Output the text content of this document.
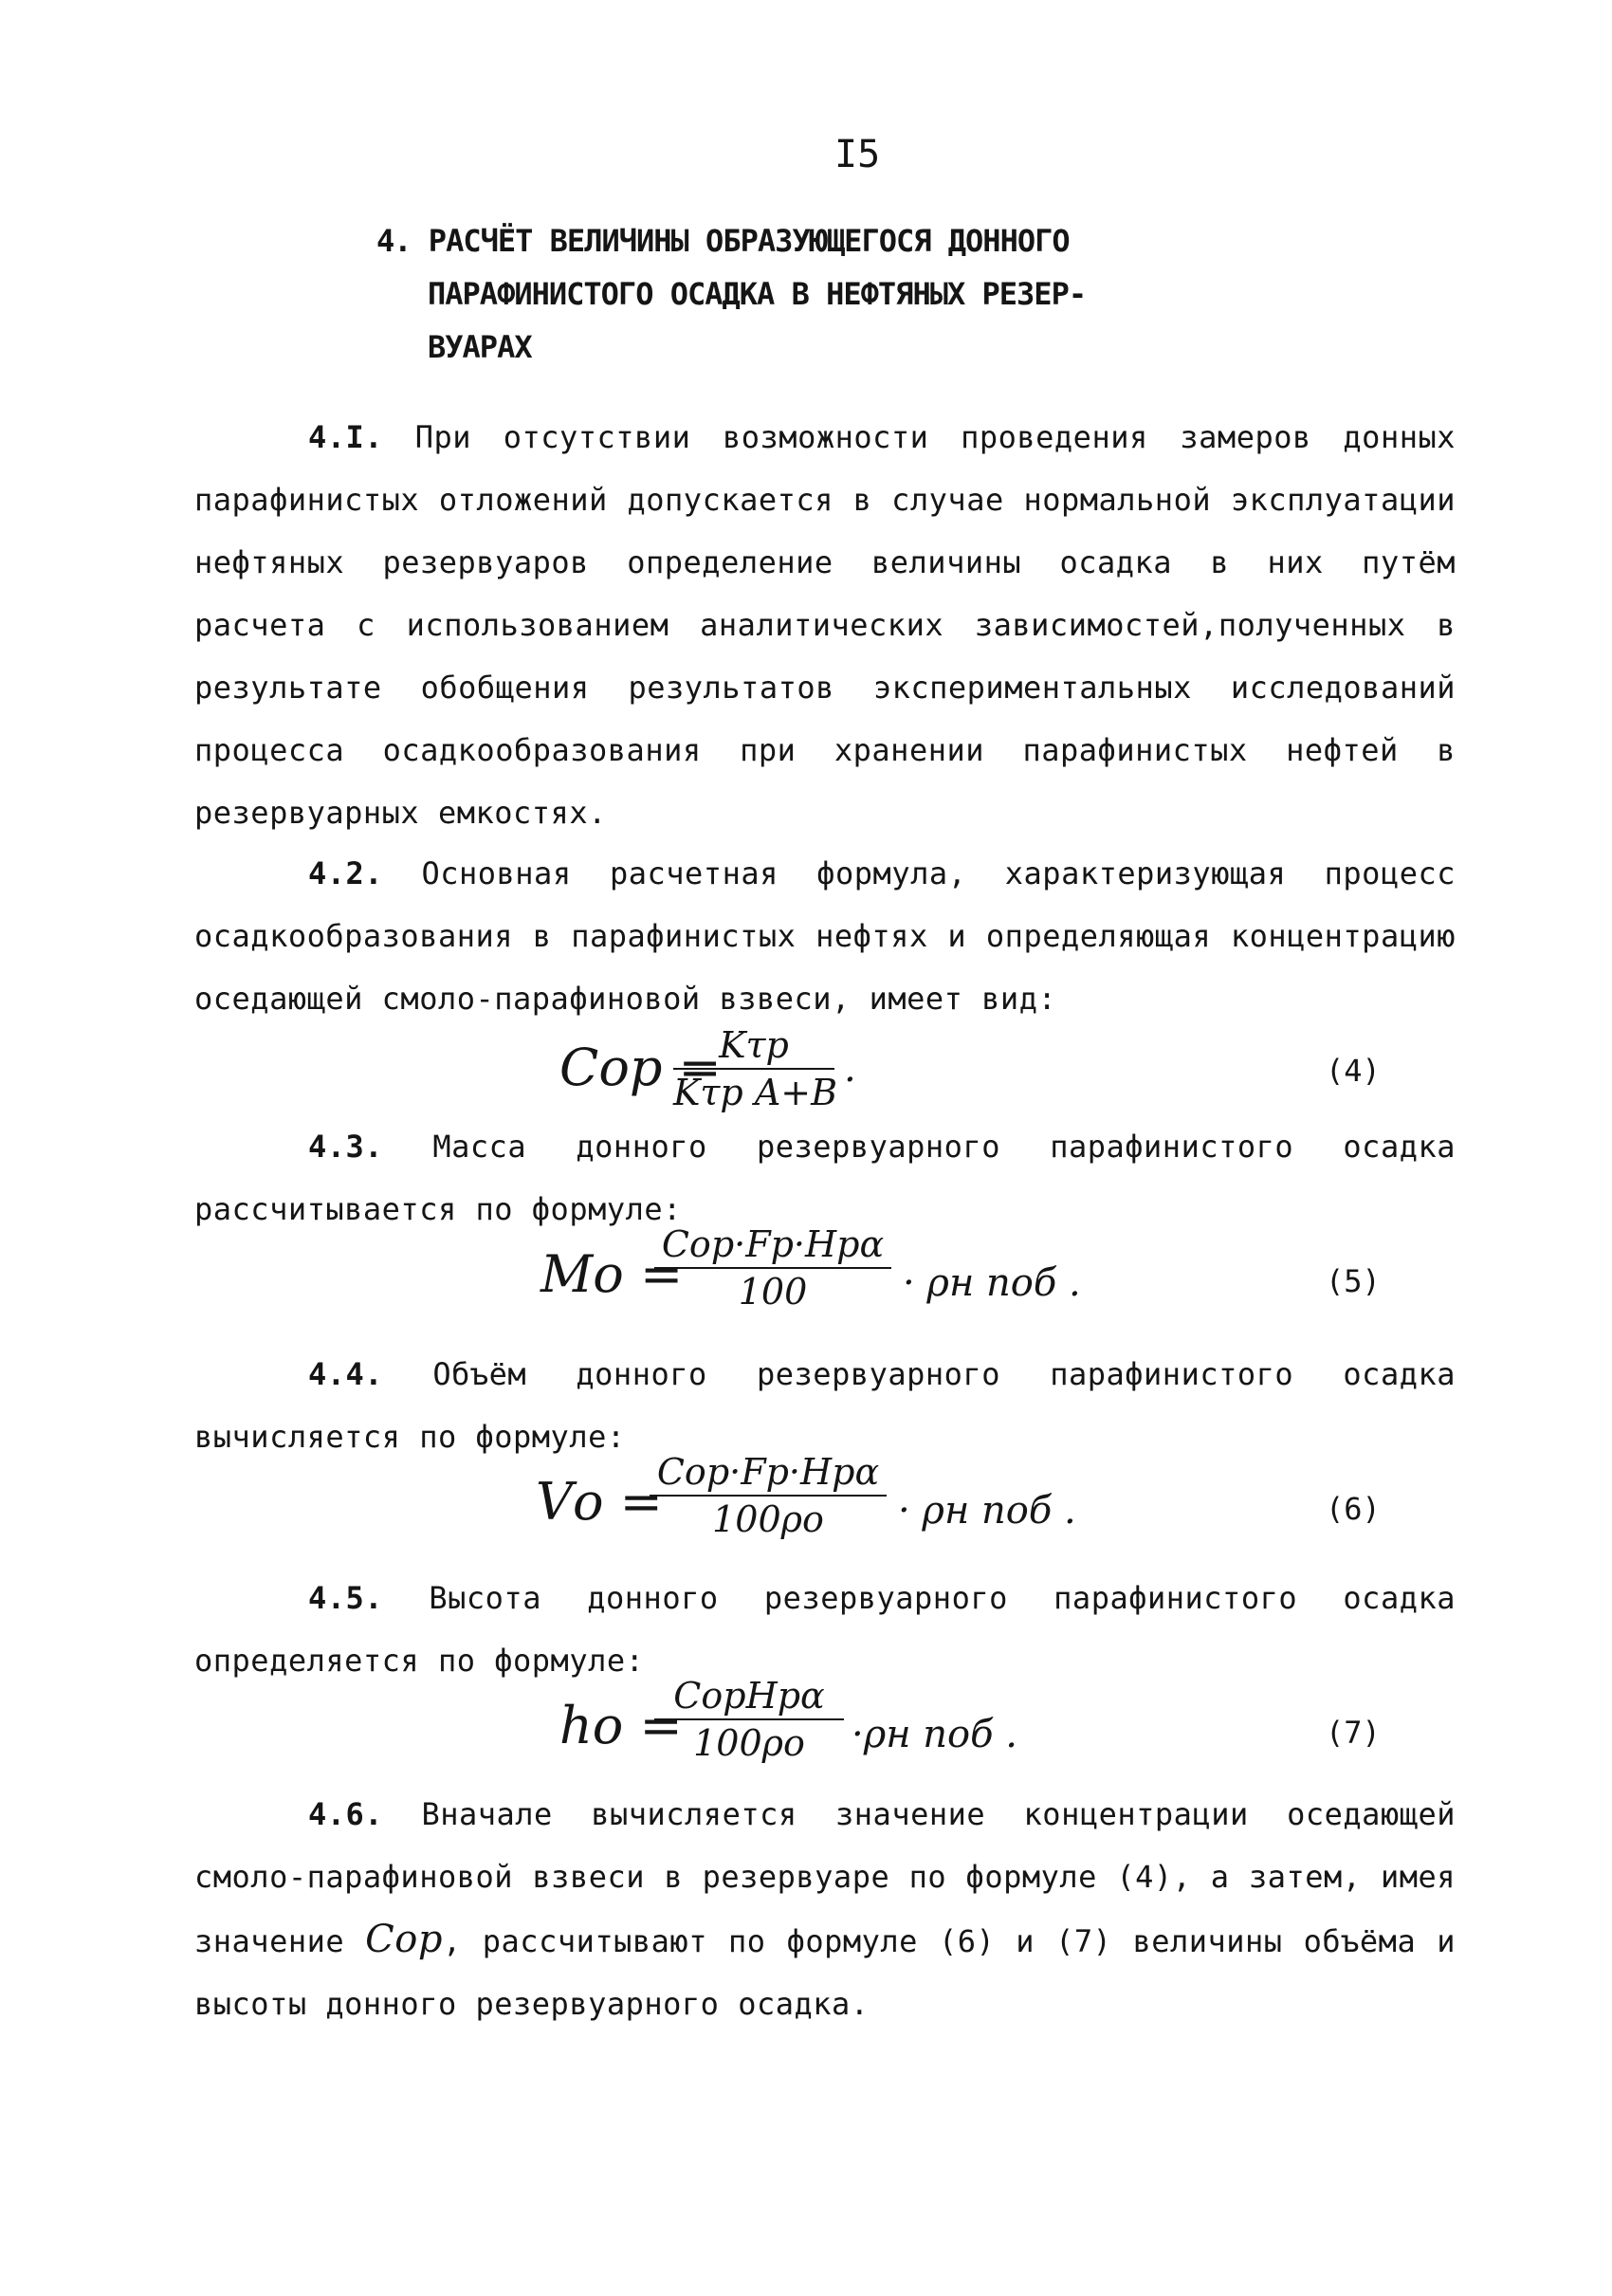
I5
4. РАСЧЁТ ВЕЛИЧИНЫ ОБРАЗУЮЩЕГОСЯ ДОННОГО
ПАРАФИНИСТОГО ОСАДКА В НЕФТЯНЫХ РЕЗЕР-
ВУАРАХ
4.I. При отсутствии возможности проведения замеров донных парафинистых отложений допускается в случае нормальной эксплуатации нефтяных резервуаров определение величины осадка в них путём расчета с использованием аналитических зависимостей,полученных в результате обобщения результатов экспериментальных исследований процесса осадкообразования при хранении парафинистых нефтей в резервуарных емкостях.
4.2. Основная расчетная формула, характеризующая процесс осадкообразования в парафинистых нефтях и определяющая концентрацию оседающей смоло-парафиновой взвеси, имеет вид:
Cор =
Kτр
Kτр A+B
.	(4)
4.3. Масса донного резервуарного парафинистого осадка рассчитывается по формуле:
Mо =
Cор·Fр·Hрα
100	· ρн nоб .	(5)
4.4. Объём донного резервуарного парафинистого осадка вычисляется по формуле:
Vо =
Cор·Fр·Hрα
100ρо	· ρн nоб .	(6)
4.5. Высота донного резервуарного парафинистого осадка определяется по формуле:
hо =
CорHрα
100ρо	·ρн nоб .	(7)
4.6. Вначале вычисляется значение концентрации оседающей смоло-парафиновой взвеси в резервуаре по формуле (4), а затем, имея значение Cор, рассчитывают по формуле (6) и (7) величины объёма и высоты донного резервуарного осадка.
